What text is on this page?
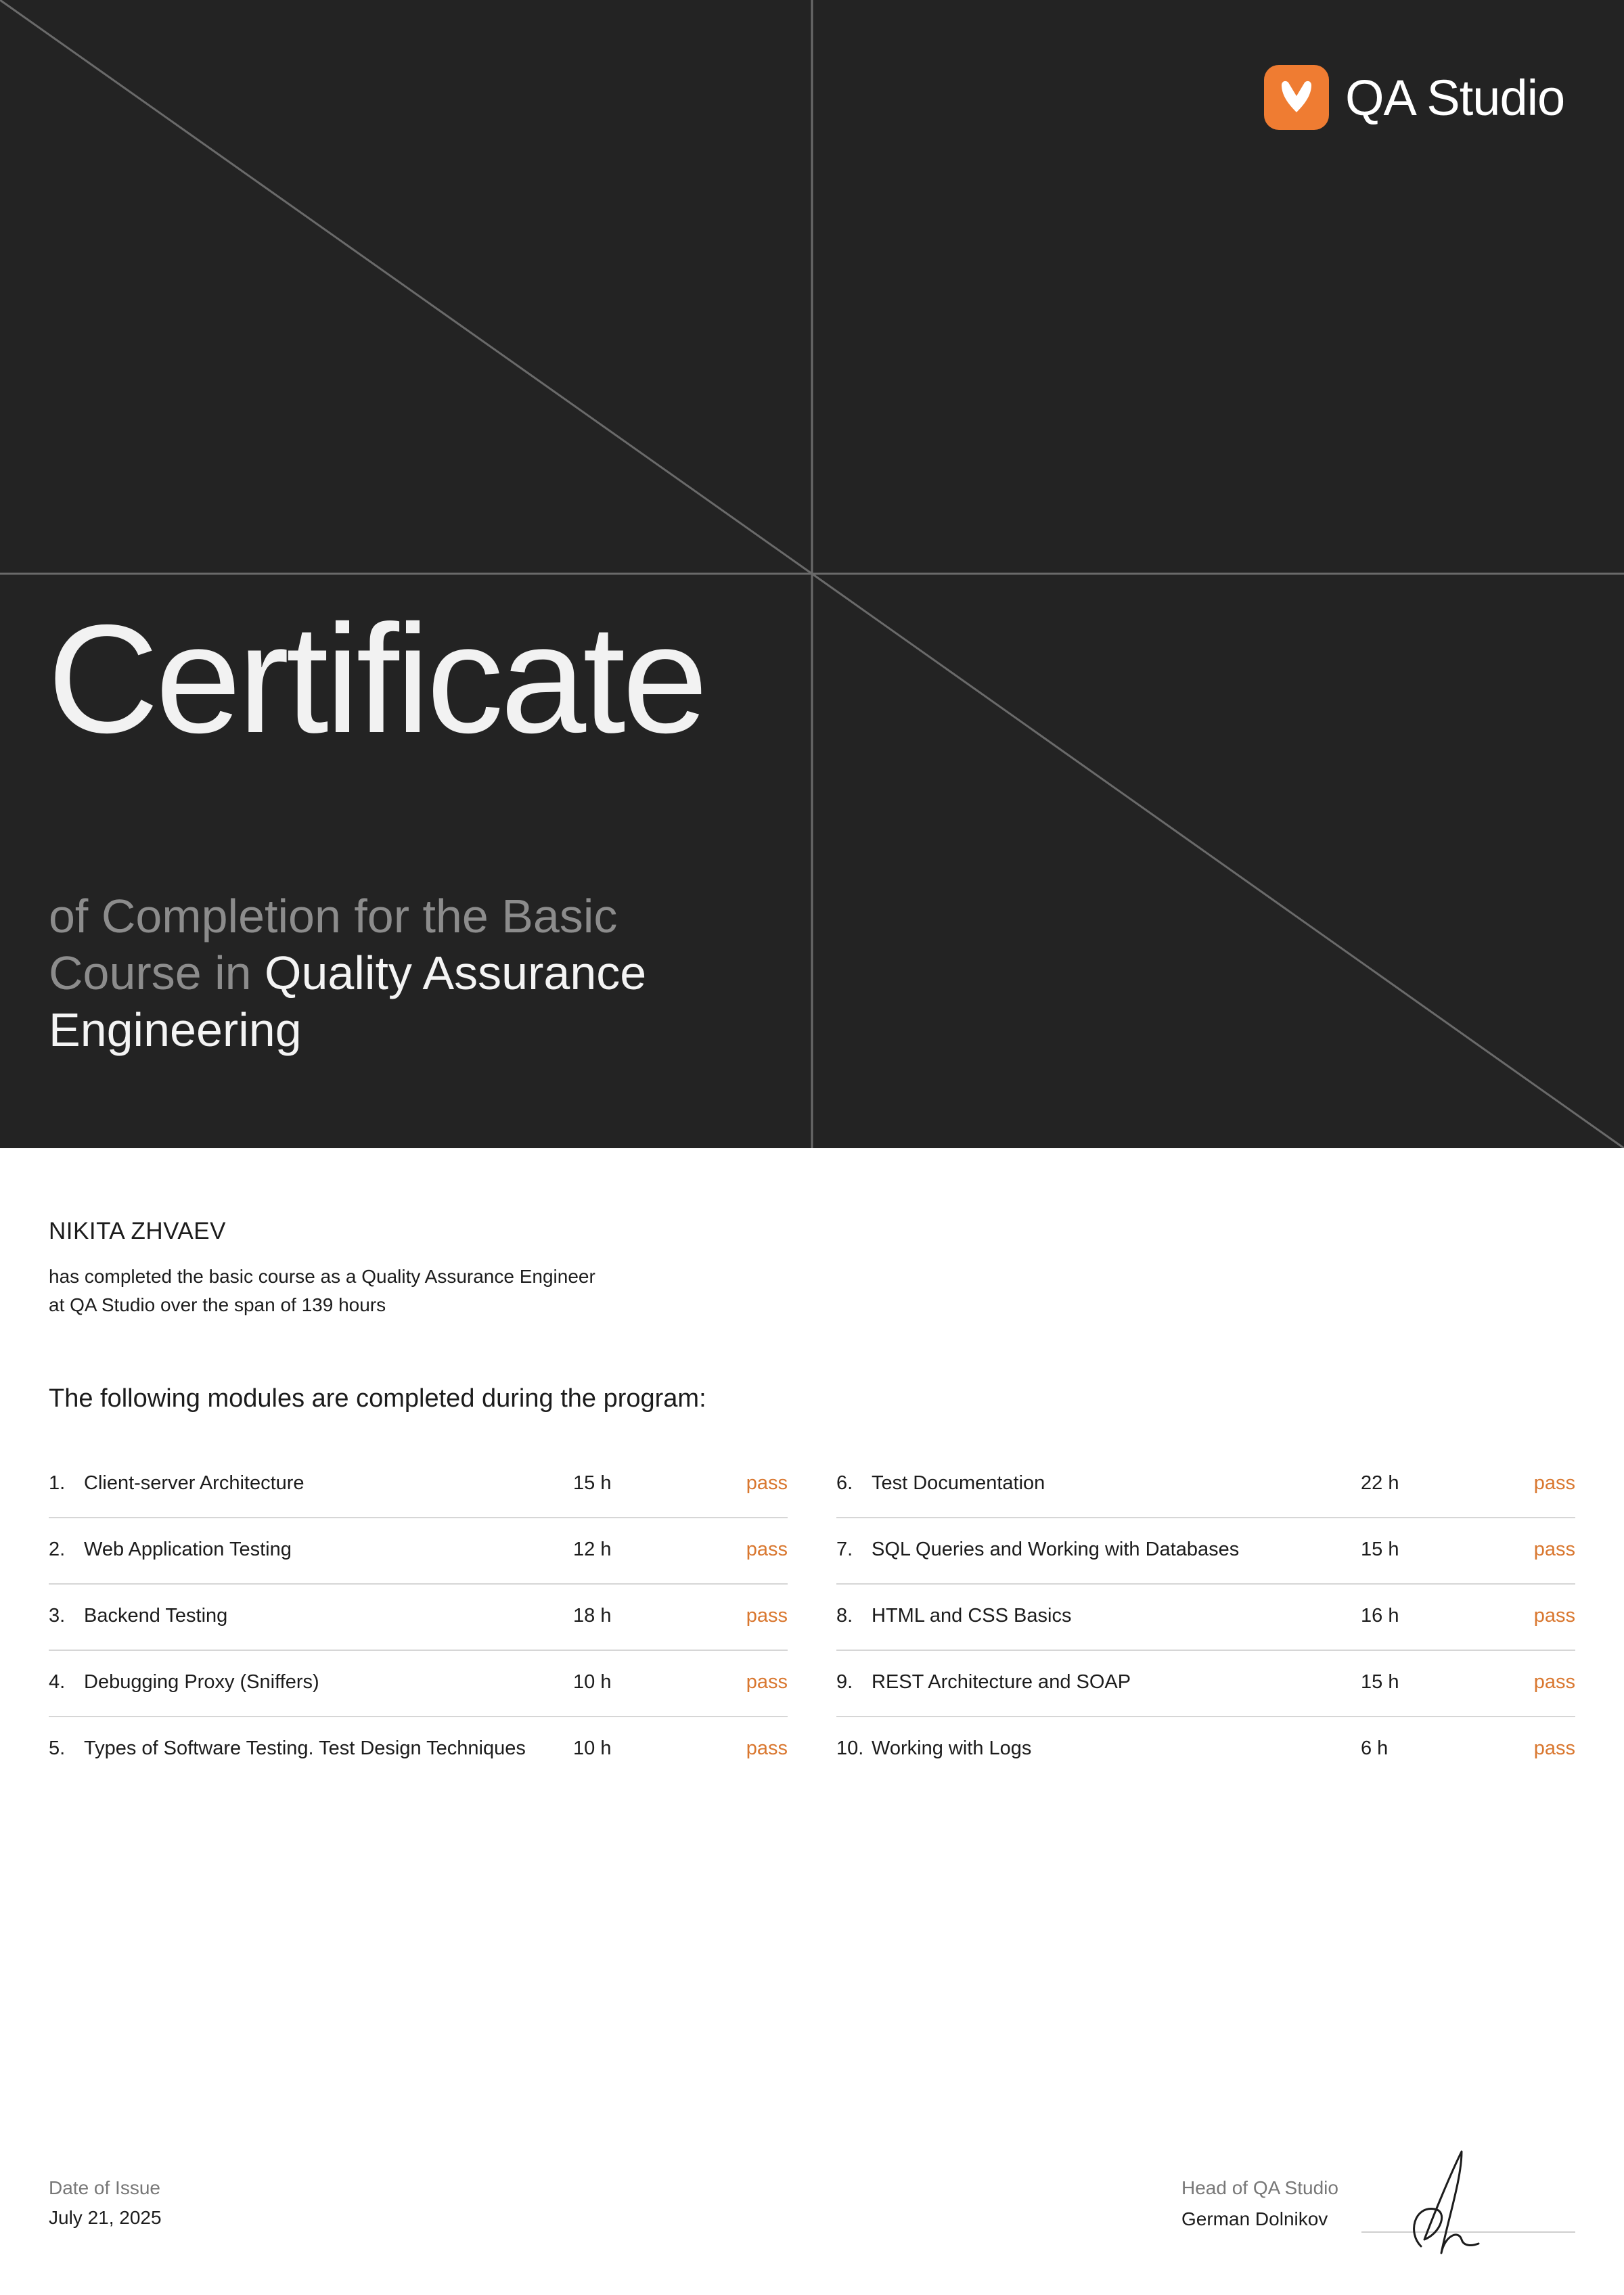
QA Studio
Certificate
of Completion for the Basic Course in Quality Assurance Engineering
NIKITA ZHVAEV
has completed the basic course as a Quality Assurance Engineer
at QA Studio over the span of 139 hours
The following modules are completed during the program:
1. Client-server Architecture	15 h	pass
2. Web Application Testing	12 h	pass
3. Backend Testing	18 h	pass
4. Debugging Proxy (Sniffers)	10 h	pass
5. Types of Software Testing. Test Design Techniques 10 h	pass
6. Test Documentation	22 h	pass
7. SQL Queries and Working with Databases	15 h	pass
8. HTML and CSS Basics	16 h	pass
9. REST Architecture and SOAP	15 h	pass
10. Working with Logs	6 h	pass
Date of Issue
July 21, 2025
Head of QA Studio
German Dolnikov
